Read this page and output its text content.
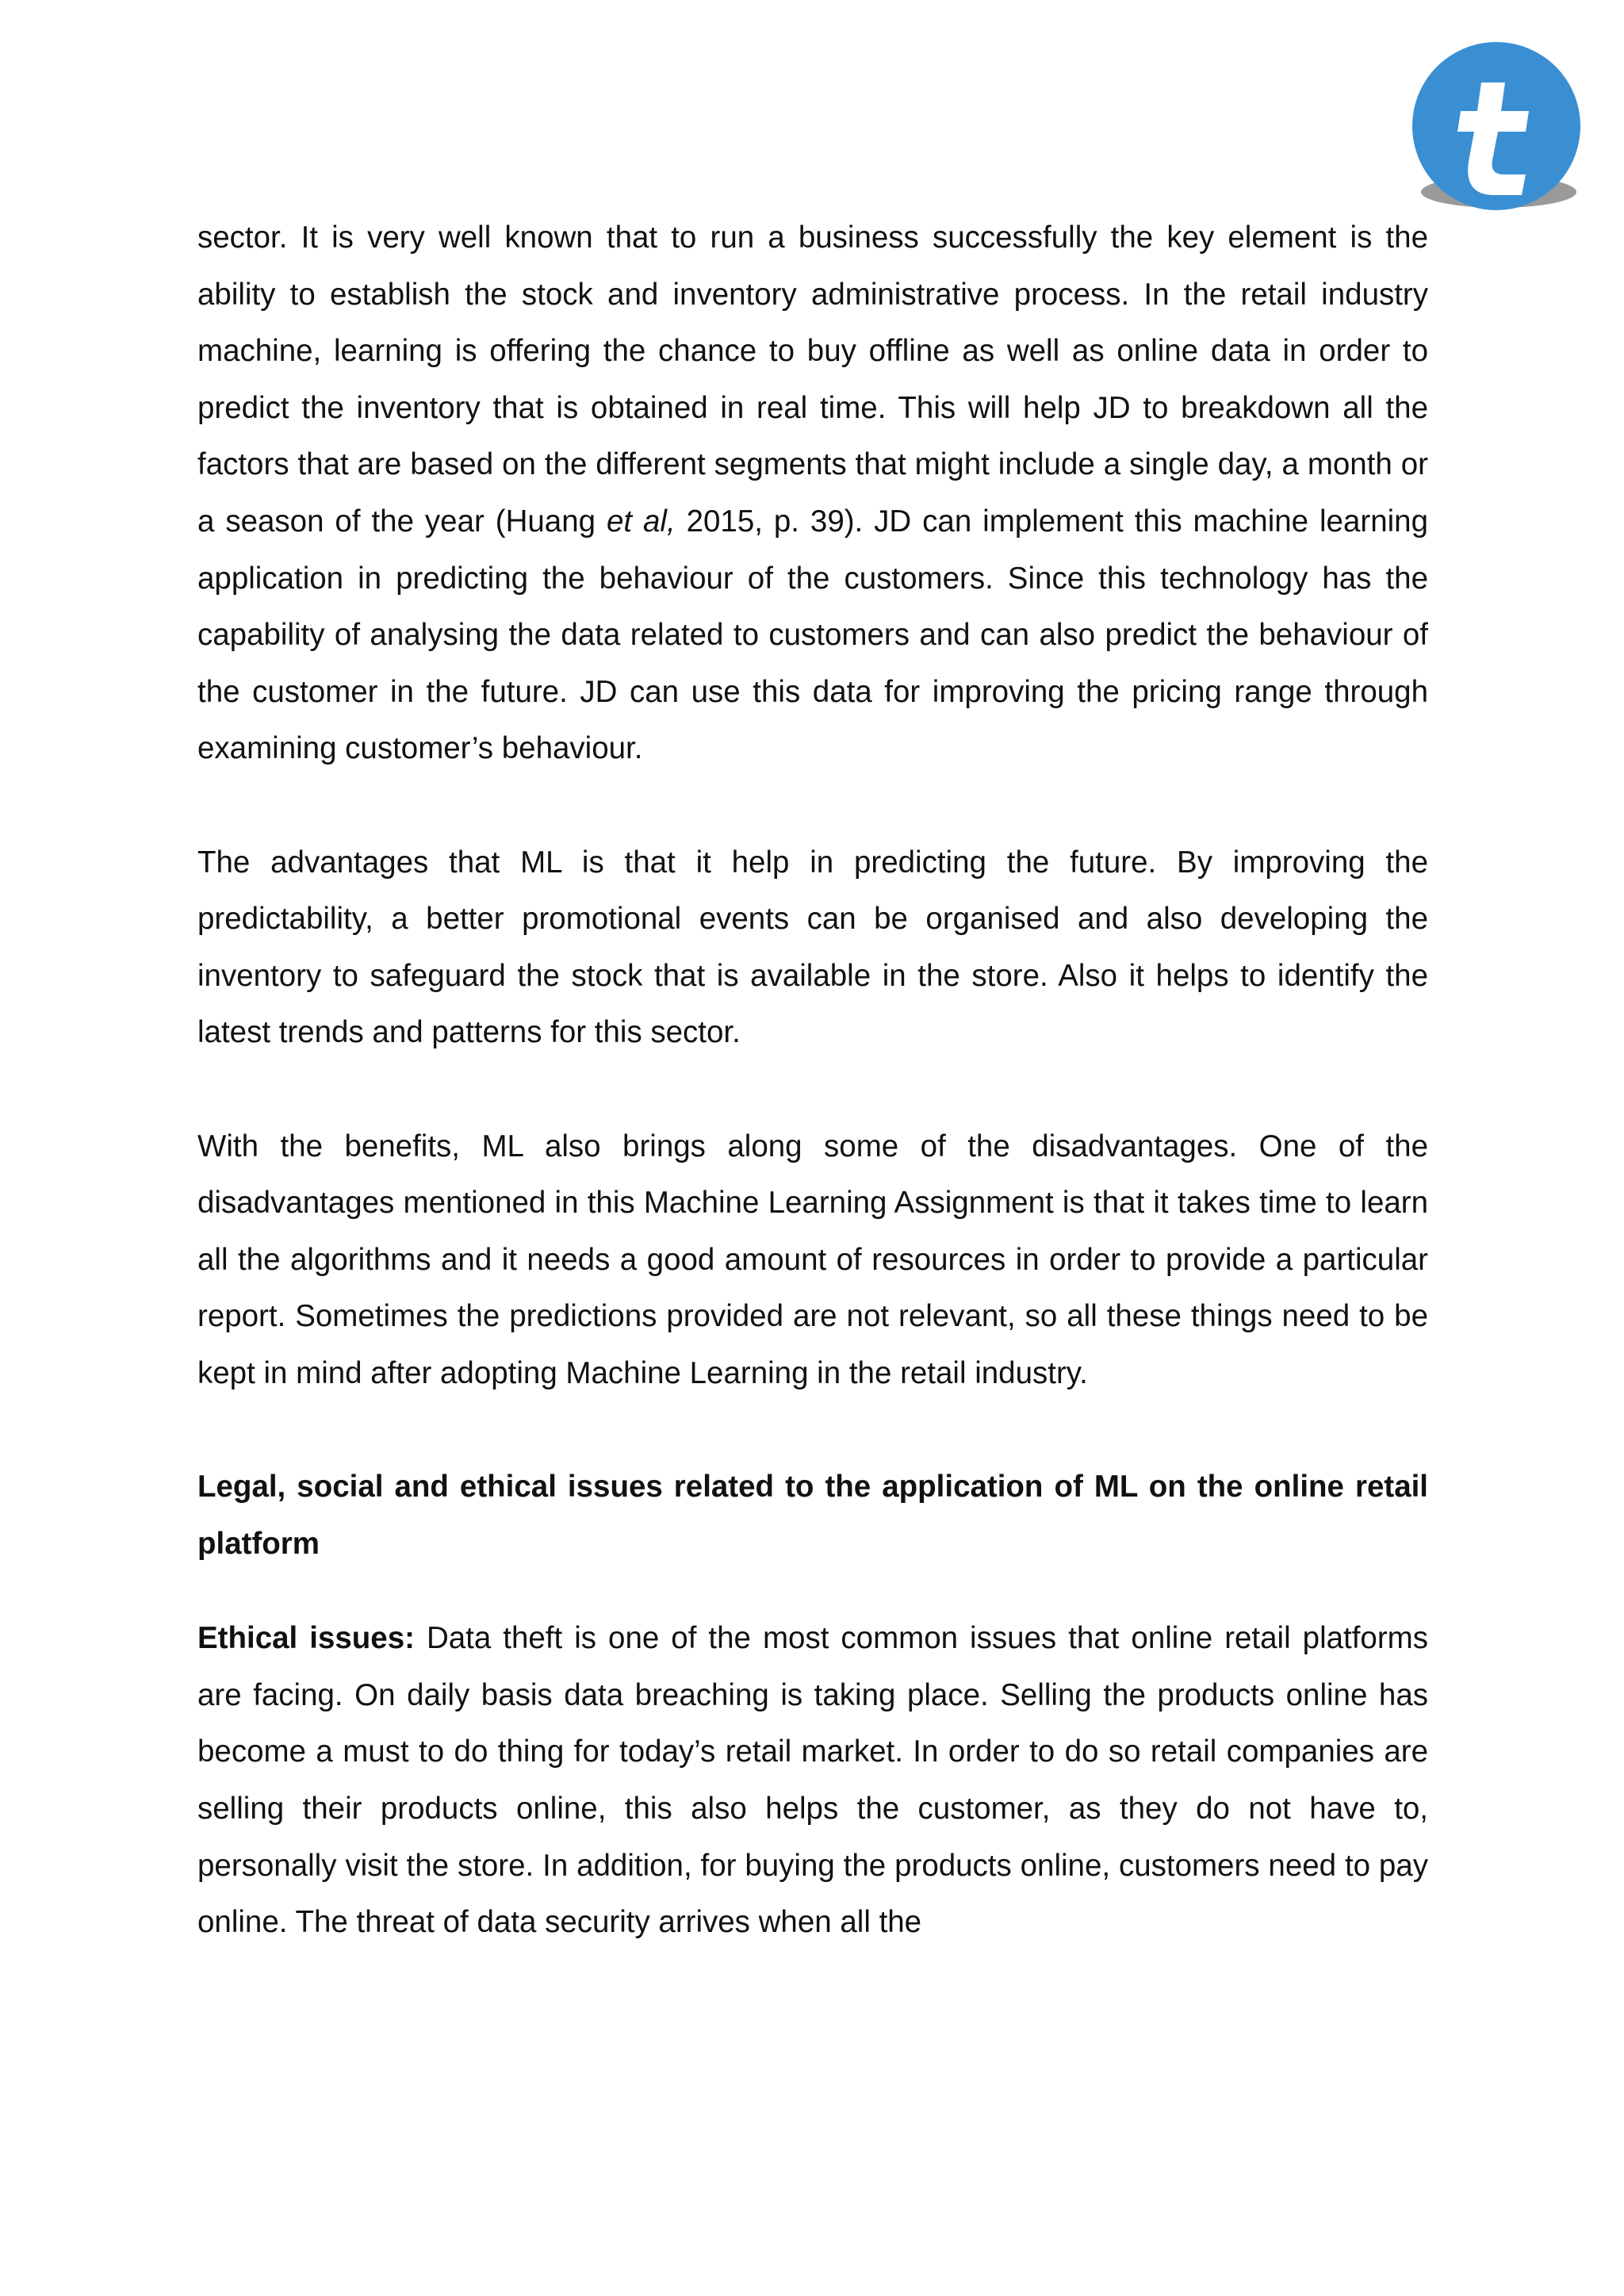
sector. It is very well known that to run a business successfully the key element is the ability to establish the stock and inventory administrative process. In the retail industry machine, learning is offering the chance to buy offline as well as online data in order to predict the inventory that is obtained in real time. This will help JD to breakdown all the factors that are based on the different segments that might include a single day, a month or a season of the year (Huang et al, 2015, p. 39). JD can implement this machine learning application in predicting the behaviour of the customers. Since this technology has the capability of analysing the data related to customers and can also predict the behaviour of the customer in the future. JD can use this data for improving the pricing range through examining customer’s behaviour.

The advantages that ML is that it help in predicting the future. By improving the predictability, a better promotional events can be organised and also developing the inventory to safeguard the stock that is available in the store. Also it helps to identify the latest trends and patterns for this sector.

With the benefits, ML also brings along some of the disadvantages. One of the disadvantages mentioned in this Machine Learning Assignment is that it takes time to learn all the algorithms and it needs a good amount of resources in order to provide a particular report. Sometimes the predictions provided are not relevant, so all these things need to be kept in mind after adopting Machine Learning in the retail industry.

Legal, social and ethical issues related to the application of ML on the online retail platform

Ethical issues: Data theft is one of the most common issues that online retail platforms are facing. On daily basis data breaching is taking place. Selling the products online has become a must to do thing for today’s retail market. In order to do so retail companies are selling their products online, this also helps the customer, as they do not have to, personally visit the store. In addition, for buying the products online, customers need to pay online. The threat of data security arrives when all the
